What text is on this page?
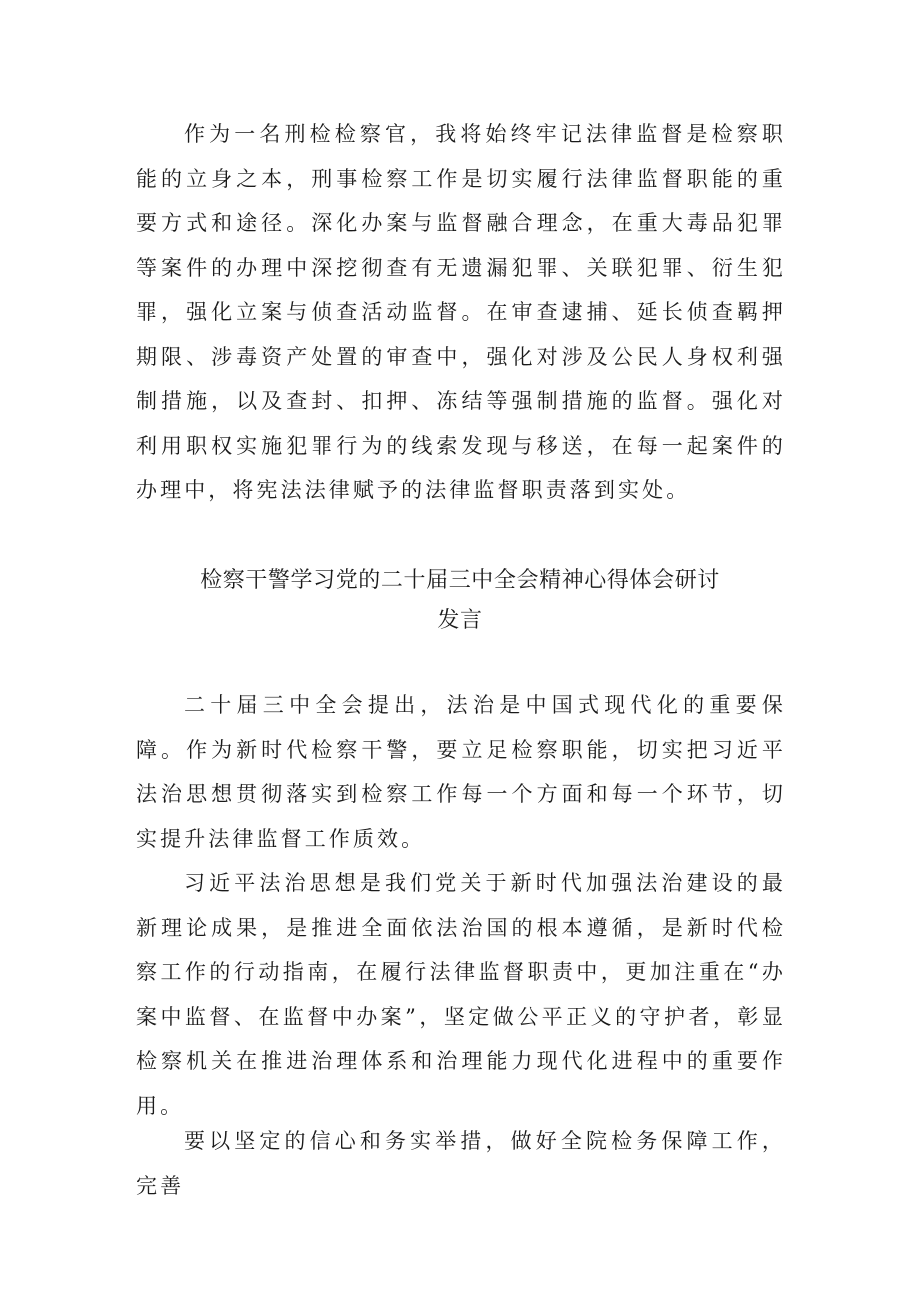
作为一名刑检检察官，我将始终牢记法律监督是检察职能的立身之本，刑事检察工作是切实履行法律监督职能的重要方式和途径。深化办案与监督融合理念，在重大毒品犯罪等案件的办理中深挖彻查有无遗漏犯罪、关联犯罪、衍生犯罪，强化立案与侦查活动监督。在审查逮捕、延长侦查羁押期限、涉毒资产处置的审查中，强化对涉及公民人身权利强制措施，以及查封、扣押、冻结等强制措施的监督。强化对利用职权实施犯罪行为的线索发现与移送，在每一起案件的办理中，将宪法法律赋予的法律监督职责落到实处。

检察干警学习党的二十届三中全会精神心得体会研讨
发言

二十届三中全会提出，法治是中国式现代化的重要保障。作为新时代检察干警，要立足检察职能，切实把习近平法治思想贯彻落实到检察工作每一个方面和每一个环节，切实提升法律监督工作质效。

习近平法治思想是我们党关于新时代加强法治建设的最新理论成果，是推进全面依法治国的根本遵循，是新时代检察工作的行动指南，在履行法律监督职责中，更加注重在“办案中监督、在监督中办案”，坚定做公平正义的守护者，彰显检察机关在推进治理体系和治理能力现代化进程中的重要作用。

要以坚定的信心和务实举措，做好全院检务保障工作，完善
